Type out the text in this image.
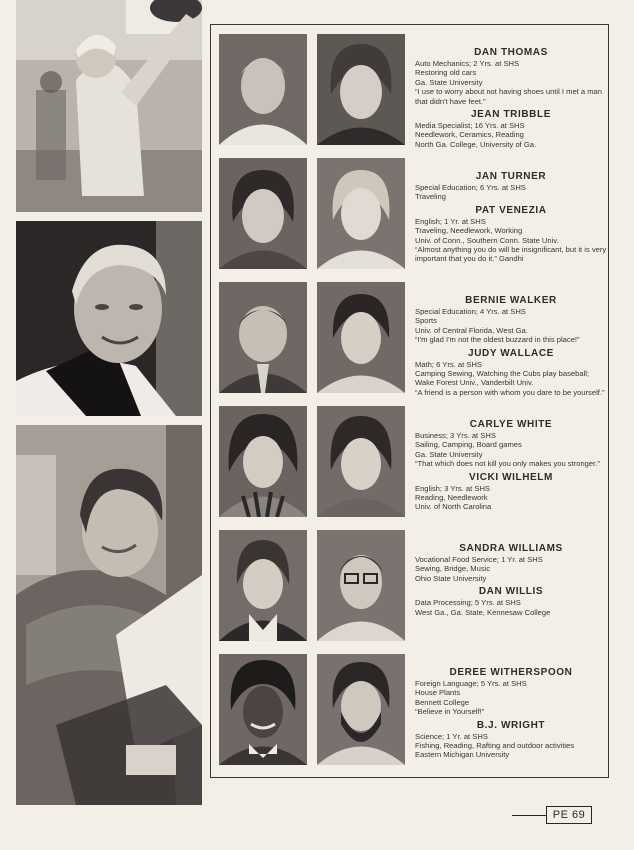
DAN THOMAS

Auto Mechanics; 2 Yrs. at SHS

Restoring old cars

Ga. State University

“I use to worry about not having shoes until I met a man that didn't have feet.”

JEAN TRIBBLE

Media Specialist; 16 Yrs. at SHS

Needlework, Ceramics, Reading

North Ga. College, University of Ga.

JAN TURNER

Special Education; 6 Yrs. at SHS

Traveling

PAT VENEZIA

English; 1 Yr. at SHS

Traveling, Needlework, Working

Univ. of Conn., Southern Conn. State Univ.

“Almost anything you do will be insignificant, but it is very important that you do it.” Gandhi

BERNIE WALKER

Special Education; 4 Yrs. at SHS

Sports

Univ. of Central Florida, West Ga.

“I'm glad I'm not the oldest buzzard in this place!”

JUDY WALLACE

Math; 6 Yrs. at SHS

Camping Sewing, Watching the Cubs play baseball;

Wake Forest Univ., Vanderbilt Univ.

“A friend is a person with whom you dare to be yourself.”

CARLYE WHITE

Business; 3 Yrs. at SHS

Sailing, Camping, Board games

Ga. State University

“That which does not kill you only makes you stronger.”

VICKI WILHELM

English; 3 Yrs. at SHS

Reading, Needlework

Univ. of North Carolina

SANDRA WILLIAMS

Vocational Food Service; 1 Yr. at SHS

Sewing, Bridge, Music

Ohio State University

DAN WILLIS

Data Processing; 5 Yrs. at SHS

West Ga., Ga. State, Kennesaw College

DEREE WITHERSPOON

Foreign Language; 5 Yrs. at SHS

House Plants

Bennett College

“Believe in Yourself!”

B.J. WRIGHT

Science; 1 Yr. at SHS

Fishing, Reading, Rafting and outdoor activities

Eastern Michigan University

PE 69
